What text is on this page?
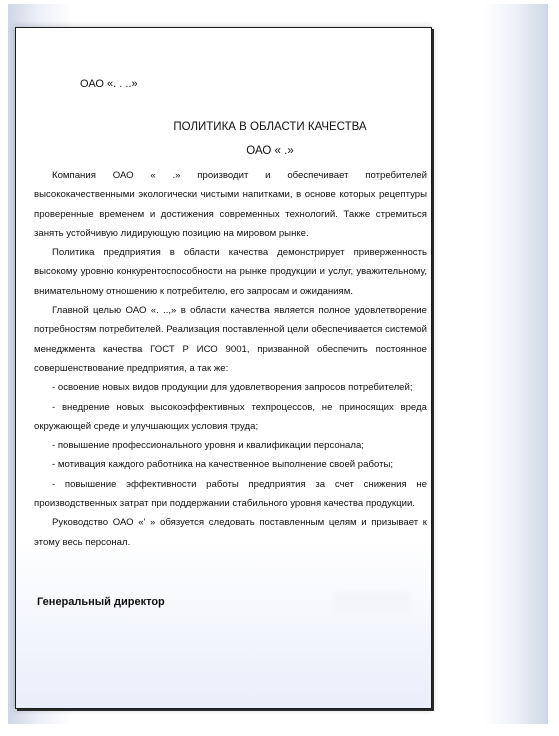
ОАО «. . ..»
ПОЛИТИКА В ОБЛАСТИ КАЧЕСТВА
ОАО « .»

Компания ОАО « .» производит и обеспечивает потребителей высококачественными экологически чистыми напитками, в основе которых рецептуры проверенные временем и достижения современных технологий. Также стремиться занять устойчивую лидирующую позицию на мировом рынке.

Политика предприятия в области качества демонстрирует приверженность высокому уровню конкурентоспособности на рынке продукции и услуг, уважительному, внимательному отношению к потребителю, его запросам и ожиданиям.

Главной целью ОАО «. ..,» в области качества является полное удовлетворение потребностям потребителей. Реализация поставленной цели обеспечивается системой менеджмента качества ГОСТ Р ИСО 9001, призванной обеспечить постоянное совершенствование предприятия, а так же:

- освоение новых видов продукции для удовлетворения запросов потребителей;

- внедрение новых высокоэффективных техпроцессов, не приносящих вреда окружающей среде и улучшающих условия труда;

- повышение профессионального уровня и квалификации персонала;

- мотивация каждого работника на качественное выполнение своей работы;

- повышение эффективности работы предприятия за счет снижения не производственных затрат при поддержании стабильного уровня качества продукции.

Руководство ОАО «' » обязуется следовать поставленным целям и призывает к этому весь персонал.

Генеральный директор
